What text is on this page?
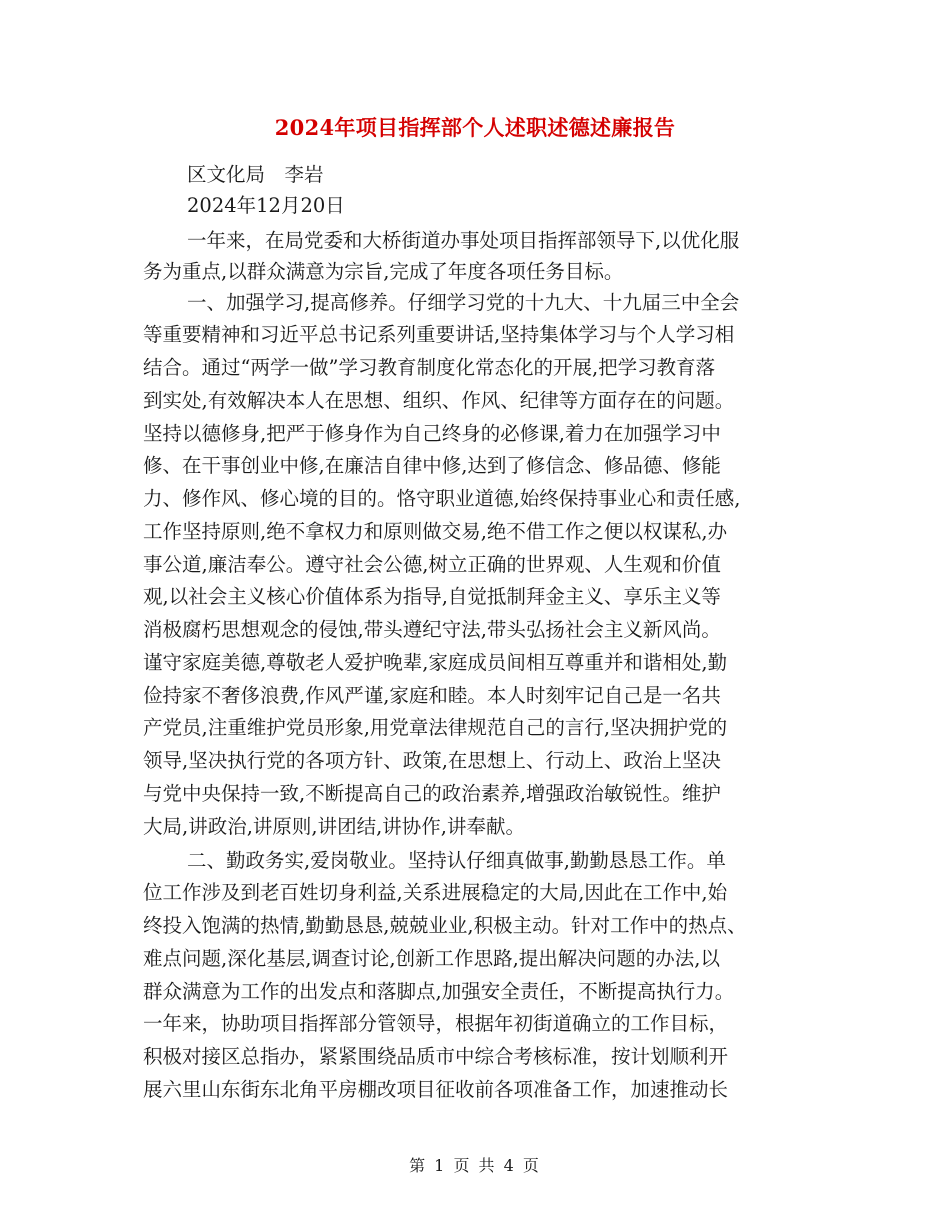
2024年项目指挥部个人述职述德述廉报告
区文化局　李岩
2024年12月20日
一年来，在局党委和大桥街道办事处项目指挥部领导下,以优化服
务为重点,以群众满意为宗旨,完成了年度各项任务目标。
一、加强学习,提高修养。仔细学习党的十九大、十九届三中全会
等重要精神和习近平总书记系列重要讲话,坚持集体学习与个人学习相
结合。通过“两学一做”学习教育制度化常态化的开展,把学习教育落
到实处,有效解决本人在思想、组织、作风、纪律等方面存在的问题。
坚持以德修身,把严于修身作为自己终身的必修课,着力在加强学习中
修、在干事创业中修,在廉洁自律中修,达到了修信念、修品德、修能
力、修作风、修心境的目的。恪守职业道德,始终保持事业心和责任感,
工作坚持原则,绝不拿权力和原则做交易,绝不借工作之便以权谋私,办
事公道,廉洁奉公。遵守社会公德,树立正确的世界观、人生观和价值
观,以社会主义核心价值体系为指导,自觉抵制拜金主义、享乐主义等
消极腐朽思想观念的侵蚀,带头遵纪守法,带头弘扬社会主义新风尚。
谨守家庭美德,尊敬老人爱护晚辈,家庭成员间相互尊重并和谐相处,勤
俭持家不奢侈浪费,作风严谨,家庭和睦。本人时刻牢记自己是一名共
产党员,注重维护党员形象,用党章法律规范自己的言行,坚决拥护党的
领导,坚决执行党的各项方针、政策,在思想上、行动上、政治上坚决
与党中央保持一致,不断提高自己的政治素养,增强政治敏锐性。维护
大局,讲政治,讲原则,讲团结,讲协作,讲奉献。
二、勤政务实,爱岗敬业。坚持认仔细真做事,勤勤恳恳工作。单
位工作涉及到老百姓切身利益,关系进展稳定的大局,因此在工作中,始
终投入饱满的热情,勤勤恳恳,兢兢业业,积极主动。针对工作中的热点、
难点问题,深化基层,调查讨论,创新工作思路,提出解决问题的办法,以
群众满意为工作的出发点和落脚点,加强安全责任，不断提高执行力。
一年来，协助项目指挥部分管领导，根据年初街道确立的工作目标，
积极对接区总指办，紧紧围绕品质市中综合考核标准，按计划顺利开
展六里山东街东北角平房棚改项目征收前各项准备工作，加速推动长
第 1 页 共 4 页
